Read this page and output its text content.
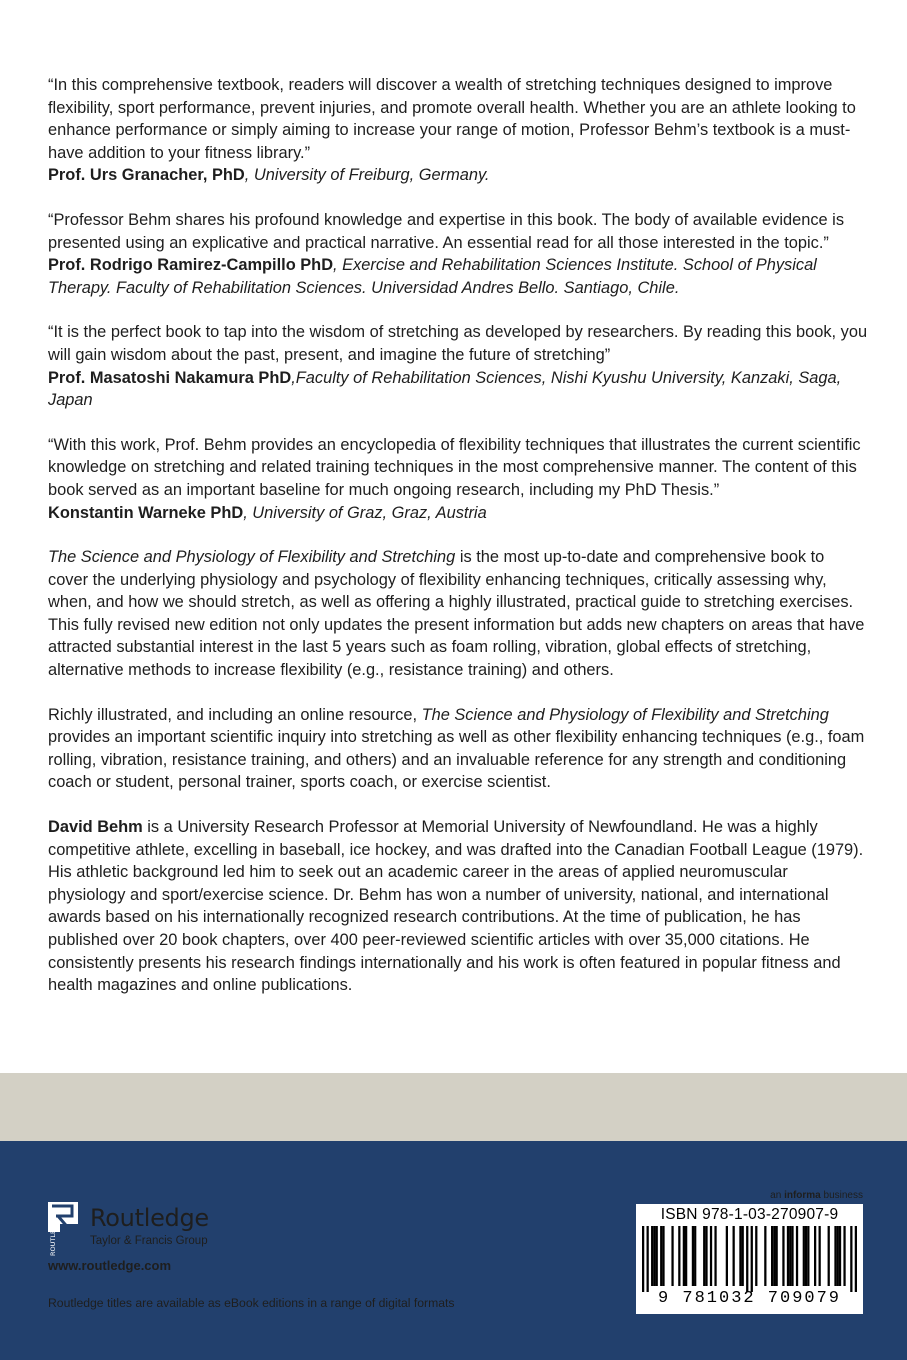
“In this comprehensive textbook, readers will discover a wealth of stretching techniques designed to improve flexibility, sport performance, prevent injuries, and promote overall health. Whether you are an athlete looking to enhance performance or simply aiming to increase your range of motion, Professor Behm’s textbook is a must-have addition to your fitness library.”

Prof. Urs Granacher, PhD, University of Freiburg, Germany.

“Professor Behm shares his profound knowledge and expertise in this book. The body of available evidence is presented using an explicative and practical narrative. An essential read for all those interested in the topic.”

Prof. Rodrigo Ramirez-Campillo PhD, Exercise and Rehabilitation Sciences Institute. School of Physical Therapy. Faculty of Rehabilitation Sciences. Universidad Andres Bello. Santiago, Chile.

“It is the perfect book to tap into the wisdom of stretching as developed by researchers. By reading this book, you will gain wisdom about the past, present, and imagine the future of stretching”

Prof. Masatoshi Nakamura PhD,Faculty of Rehabilitation Sciences, Nishi Kyushu University, Kanzaki, Saga, Japan

“With this work, Prof. Behm provides an encyclopedia of flexibility techniques that illustrates the current scientific knowledge on stretching and related training techniques in the most comprehensive manner. The content of this book served as an important baseline for much ongoing research, including my PhD Thesis.”

Konstantin Warneke PhD, University of Graz, Graz, Austria

The Science and Physiology of Flexibility and Stretching is the most up-to-date and comprehensive book to cover the underlying physiology and psychology of flexibility enhancing techniques, critically assessing why, when, and how we should stretch, as well as offering a highly illustrated, practical guide to stretching exercises. This fully revised new edition not only updates the present information but adds new chapters on areas that have attracted substantial interest in the last 5 years such as foam rolling, vibration, global effects of stretching, alternative methods to increase flexibility (e.g., resistance training) and others.

Richly illustrated, and including an online resource, The Science and Physiology of Flexibility and Stretching provides an important scientific inquiry into stretching as well as other flexibility enhancing techniques (e.g., foam rolling, vibration, resistance training, and others) and an invaluable reference for any strength and conditioning coach or student, personal trainer, sports coach, or exercise scientist.

David Behm is a University Research Professor at Memorial University of Newfoundland. He was a highly competitive athlete, excelling in baseball, ice hockey, and was drafted into the Canadian Football League (1979). His athletic background led him to seek out an academic career in the areas of applied neuromuscular physiology and sport/exercise science. Dr. Behm has won a number of university, national, and international awards based on his internationally recognized research contributions. At the time of publication, he has published over 20 book chapters, over 400 peer-reviewed scientific articles with over 35,000 citations. He consistently presents his research findings internationally and his work is often featured in popular fitness and health magazines and online publications.

ROUTLEDGE Routledge
Taylor & Francis Group
www.routledge.com
Routledge titles are available as eBook editions in a range of digital formats
an informa business
ISBN 978-1-03-270907-9
9 781032 709079
